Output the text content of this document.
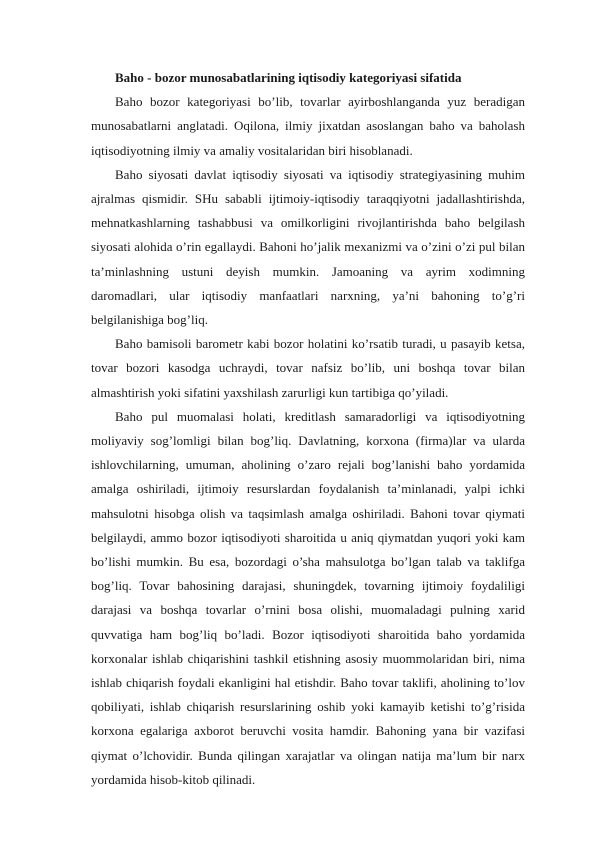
Baho - bozor munosabatlarining iqtisodiy kategoriyasi sifatida

Baho bozor kategoriyasi bo’lib, tovarlar ayirboshlanganda yuz beradigan munosabatlarni anglatadi. Oqilona, ilmiy jixatdan asoslangan baho va baholash iqtisodiyotning ilmiy va amaliy vositalaridan biri hisoblanadi.

Baho siyosati davlat iqtisodiy siyosati va iqtisodiy strategiyasining muhim ajralmas qismidir. SHu sababli ijtimoiy-iqtisodiy taraqqiyotni jadallashtirishda, mehnatkashlarning tashabbusi va omilkorligini rivojlantirishda baho belgilash siyosati alohida o’rin egallaydi. Bahoni ho’jalik mexanizmi va o’zini o’zi pul bilan ta’minlashning ustuni deyish mumkin. Jamoaning va ayrim xodimning daromadlari, ular iqtisodiy manfaatlari narxning, ya’ni bahoning to’g’ri belgilanishiga bog’liq.

Baho bamisoli barometr kabi bozor holatini ko’rsatib turadi, u pasayib ketsa, tovar bozori kasodga uchraydi, tovar nafsiz bo’lib, uni boshqa tovar bilan almashtirish yoki sifatini yaxshilash zarurligi kun tartibiga qo’yiladi.

Baho pul muomalasi holati, kreditlash samaradorligi va iqtisodiyotning moliyaviy sog’lomligi bilan bog’liq. Davlatning, korxona (firma)lar va ularda ishlovchilarning, umuman, aholining o’zaro rejali bog’lanishi baho yordamida amalga oshiriladi, ijtimoiy resurslardan foydalanish ta’minlanadi, yalpi ichki mahsulotni hisobga olish va taqsimlash amalga oshiriladi. Bahoni tovar qiymati belgilaydi, ammo bozor iqtisodiyoti sharoitida u aniq qiymatdan yuqori yoki kam bo’lishi mumkin. Bu esa, bozordagi o’sha mahsulotga bo’lgan talab va taklifga bog’liq. Tovar bahosining darajasi, shuningdek, tovarning ijtimoiy foydaliligi darajasi va boshqa tovarlar o’rnini bosa olishi, muomaladagi pulning xarid quvvatiga ham bog’liq bo’ladi. Bozor iqtisodiyoti sharoitida baho yordamida korxonalar ishlab chiqarishini tashkil etishning asosiy muommolaridan biri, nima ishlab chiqarish foydali ekanligini hal etishdir. Baho tovar taklifi, aholining to’lov qobiliyati, ishlab chiqarish resurslarining oshib yoki kamayib ketishi to’g’risida korxona egalariga axborot beruvchi vosita hamdir. Bahoning yana bir vazifasi qiymat o’lchovidir. Bunda qilingan xarajatlar va olingan natija ma’lum bir narx yordamida hisob-kitob qilinadi.
